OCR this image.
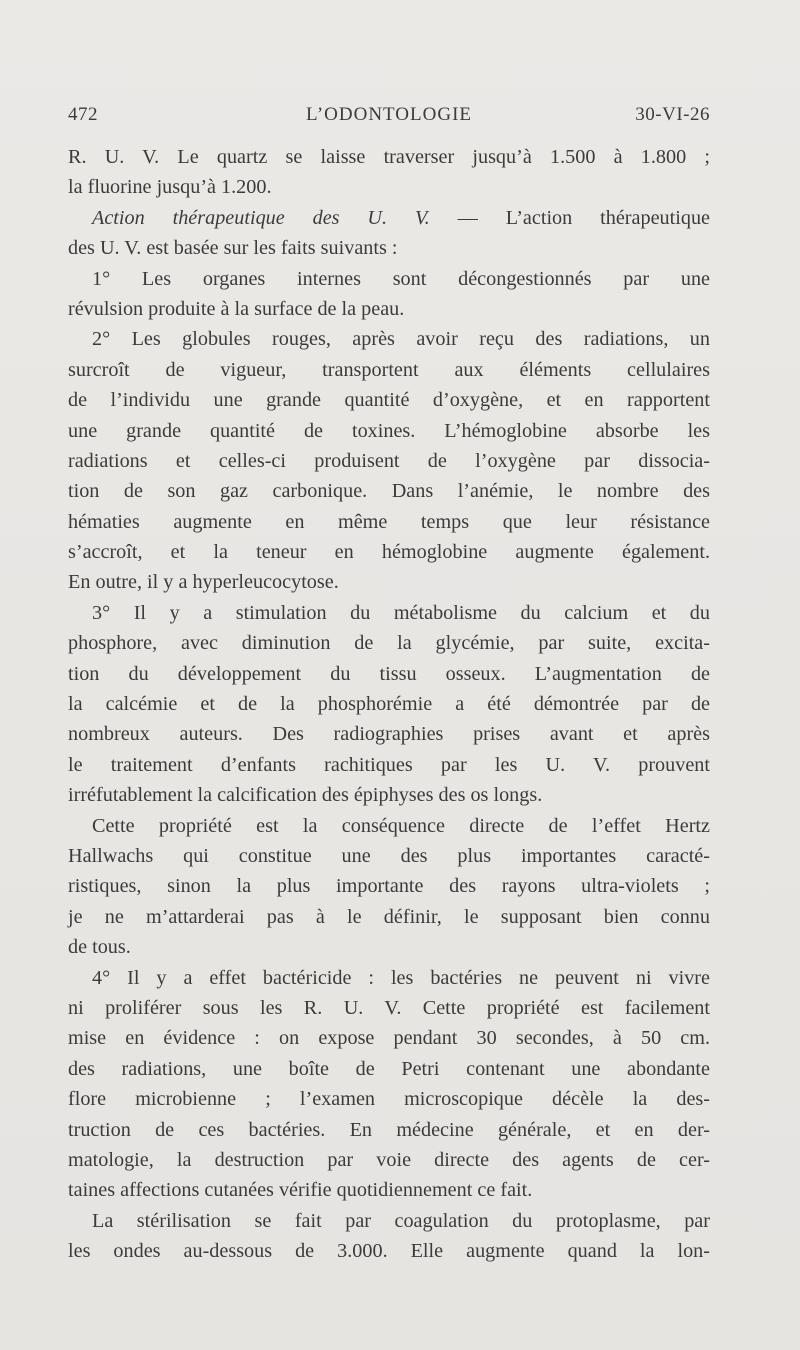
472	L’ODONTOLOGIE	30-VI-26
R. U. V. Le quartz se laisse traverser jusqu’à 1.500 à 1.800 ;
la fluorine jusqu’à 1.200.
Action thérapeutique des U. V. — L’action thérapeutique
des U. V. est basée sur les faits suivants :
1° Les organes internes sont décongestionnés par une
révulsion produite à la surface de la peau.
2° Les globules rouges, après avoir reçu des radiations, un
surcroît de vigueur, transportent aux éléments cellulaires
de l’individu une grande quantité d’oxygène, et en rapportent
une grande quantité de toxines. L’hémoglobine absorbe les
radiations et celles-ci produisent de l’oxygène par dissocia-
tion de son gaz carbonique. Dans l’anémie, le nombre des
hématies augmente en même temps que leur résistance
s’accroît, et la teneur en hémoglobine augmente également.
En outre, il y a hyperleucocytose.
3° Il y a stimulation du métabolisme du calcium et du
phosphore, avec diminution de la glycémie, par suite, excita-
tion du développement du tissu osseux. L’augmentation de
la calcémie et de la phosphorémie a été démontrée par de
nombreux auteurs. Des radiographies prises avant et après
le traitement d’enfants rachitiques par les U. V. prouvent
irréfutablement la calcification des épiphyses des os longs.
Cette propriété est la conséquence directe de l’effet Hertz
Hallwachs qui constitue une des plus importantes caracté-
ristiques, sinon la plus importante des rayons ultra-violets ;
je ne m’attarderai pas à le définir, le supposant bien connu
de tous.
4° Il y a effet bactéricide : les bactéries ne peuvent ni vivre
ni proliférer sous les R. U. V. Cette propriété est facilement
mise en évidence : on expose pendant 30 secondes, à 50 cm.
des radiations, une boîte de Petri contenant une abondante
flore microbienne ; l’examen microscopique décèle la des-
truction de ces bactéries. En médecine générale, et en der-
matologie, la destruction par voie directe des agents de cer-
taines affections cutanées vérifie quotidiennement ce fait.
La stérilisation se fait par coagulation du protoplasme, par
les ondes au-dessous de 3.000. Elle augmente quand la lon-
